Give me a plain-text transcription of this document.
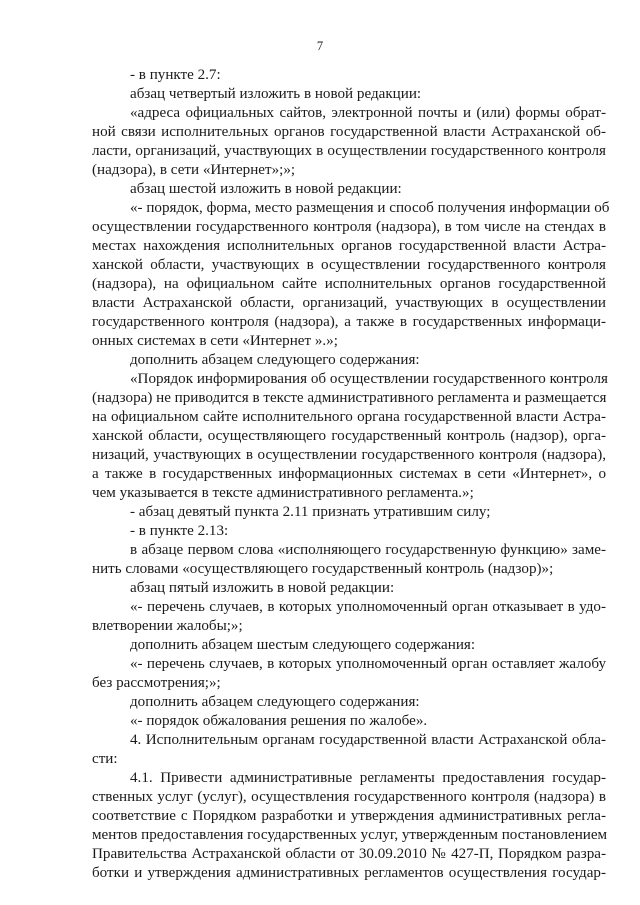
7
- в пункте 2.7:
абзац четвертый изложить в новой редакции:
«адреса официальных сайтов, электронной почты и (или) формы обрат-
ной связи исполнительных органов государственной власти Астраханской об-
ласти, организаций, участвующих в осуществлении государственного контроля
(надзора), в сети «Интернет»;»;
абзац шестой изложить в новой редакции:
«- порядок, форма, место размещения и способ получения информации об
осуществлении государственного контроля (надзора), в том числе на стендах в
местах нахождения исполнительных органов государственной власти Астра-
ханской области, участвующих в осуществлении государственного контроля
(надзора), на официальном сайте исполнительных органов государственной
власти Астраханской области, организаций, участвующих в осуществлении
государственного контроля (надзора), а также в государственных информаци-
онных системах в сети «Интернет ».»;
дополнить абзацем следующего содержания:
«Порядок информирования об осуществлении государственного контроля
(надзора) не приводится в тексте административного регламента и размещается
на официальном сайте исполнительного органа государственной власти Астра-
ханской области, осуществляющего государственный контроль (надзор), орга-
низаций, участвующих в осуществлении государственного контроля (надзора),
а также в государственных информационных системах в сети «Интернет», о
чем указывается в тексте административного регламента.»;
- абзац девятый пункта 2.11 признать утратившим силу;
- в пункте 2.13:
в абзаце первом слова «исполняющего государственную функцию» заме-
нить словами «осуществляющего государственный контроль (надзор)»;
абзац пятый изложить в новой редакции:
«- перечень случаев, в которых уполномоченный орган отказывает в удо-
влетворении жалобы;»;
дополнить абзацем шестым следующего содержания:
«- перечень случаев, в которых уполномоченный орган оставляет жалобу
без рассмотрения;»;
дополнить абзацем следующего содержания:
«- порядок обжалования решения по жалобе».
4. Исполнительным органам государственной власти Астраханской обла-
сти:
4.1. Привести административные регламенты предоставления государ-
ственных услуг (услуг), осуществления государственного контроля (надзора) в
соответствие с Порядком разработки и утверждения административных регла-
ментов предоставления государственных услуг, утвержденным постановлением
Правительства Астраханской области от 30.09.2010 № 427-П, Порядком разра-
ботки и утверждения административных регламентов осуществления государ-
